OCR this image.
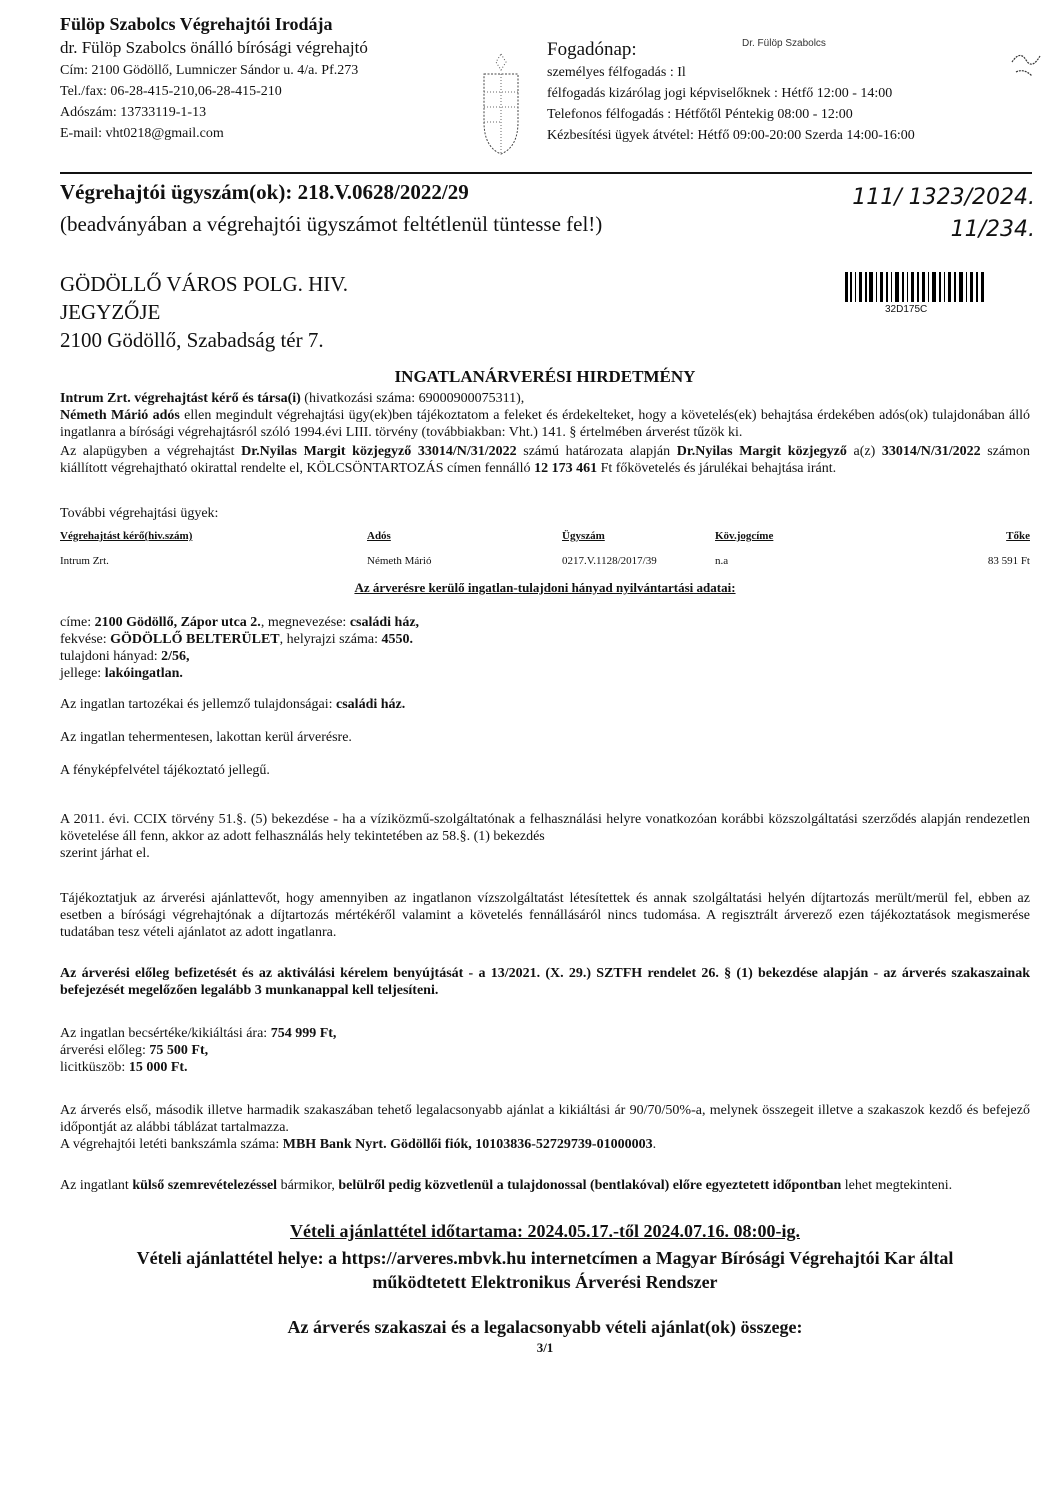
Fülöp Szabolcs Végrehajtói Irodája
dr. Fülöp Szabolcs önálló bírósági végrehajtó
Cím: 2100 Gödöllő, Lumniczer Sándor u. 4/a. Pf.273
Tel./fax: 06-28-415-210,06-28-415-210
Adószám: 13733119-1-13
E-mail: vht0218@gmail.com
Dr. Fülöp Szabolcs
Fogadónap:
személyes félfogadás : Il
félfogadás kizárólag jogi képviselőknek : Hétfő 12:00 - 14:00
Telefonos félfogadás : Hétfőtől Péntekig 08:00 - 12:00
Kézbesítési ügyek átvétel: Hétfő 09:00-20:00 Szerda 14:00-16:00
Végrehajtói ügyszám(ok): 218.V.0628/2022/29
(beadványában a végrehajtói ügyszámot feltétlenül tüntesse fel!)
GÖDÖLLŐ VÁROS POLG. HIV.
JEGYZŐJE
2100 Gödöllő, Szabadság tér 7.
111/ 1323/2024.
11/234.
32D175C
INGATLANÁRVERÉSI HIRDETMÉNY
Intrum Zrt. végrehajtást kérő és társa(i) (hivatkozási száma: 69000900075311),
Németh Márió adós ellen megindult végrehajtási ügy(ek)ben tájékoztatom a feleket és érdekelteket, hogy a követelés(ek) behajtása érdekében adós(ok) tulajdonában álló ingatlanra a bírósági végrehajtásról szóló 1994.évi LIII. törvény (továbbiakban: Vht.) 141. § értelmében árverést tűzök ki.
Az alapügyben a végrehajtást Dr.Nyilas Margit közjegyző 33014/N/31/2022 számú határozata alapján Dr.Nyilas Margit közjegyző a(z) 33014/N/31/2022 számon kiállított végrehajtható okirattal rendelte el, KÖLCSÖNTARTOZÁS címen fennálló 12 173 461 Ft főkövetelés és járulékai behajtása iránt.
További végrehajtási ügyek:
Végrehajtást kérő(hiv.szám)	Adós	Ügyszám	Köv.jogcíme	Tőke
Intrum Zrt.	Németh Márió	0217.V.1128/2017/39	n.a	83 591 Ft
Az árverésre kerülő ingatlan-tulajdoni hányad nyilvántartási adatai:
címe: 2100 Gödöllő, Zápor utca 2., megnevezése: családi ház,
fekvése: GÖDÖLLŐ BELTERÜLET, helyrajzi száma: 4550.
tulajdoni hányad: 2/56,
jellege: lakóingatlan.
Az ingatlan tartozékai és jellemző tulajdonságai: családi ház.
Az ingatlan tehermentesen, lakottan kerül árverésre.
A fényképfelvétel tájékoztató jellegű.
A 2011. évi. CCIX törvény 51.§. (5) bekezdése - ha a víziközmű-szolgáltatónak a felhasználási helyre vonatkozóan korábbi közszolgáltatási szerződés alapján rendezetlen követelése áll fenn, akkor az adott felhasználás hely tekintetében az 58.§. (1) bekezdés
szerint járhat el.
Tájékoztatjuk az árverési ajánlattevőt, hogy amennyiben az ingatlanon vízszolgáltatást létesítettek és annak szolgáltatási helyén díjtartozás merült/merül fel, ebben az esetben a bírósági végrehajtónak a díjtartozás mértékéről valamint a követelés fennállásáról nincs tudomása. A regisztrált árverező ezen tájékoztatások megismerése tudatában tesz vételi ajánlatot az adott ingatlanra.
Az árverési előleg befizetését és az aktiválási kérelem benyújtását - a 13/2021. (X. 29.) SZTFH rendelet 26. § (1) bekezdése alapján - az árverés szakaszainak befejezését megelőzően legalább 3 munkanappal kell teljesíteni.
Az ingatlan becsértéke/kikiáltási ára: 754 999 Ft,
árverési előleg: 75 500 Ft,
licitküszöb: 15 000 Ft.
Az árverés első, második illetve harmadik szakaszában tehető legalacsonyabb ajánlat a kikiáltási ár 90/70/50%-a, melynek összegeit illetve a szakaszok kezdő és befejező időpontját az alábbi táblázat tartalmazza.
A végrehajtói letéti bankszámla száma: MBH Bank Nyrt. Gödöllői fiók, 10103836-52729739-01000003.
Az ingatlant külső szemrevételezéssel bármikor, belülről pedig közvetlenül a tulajdonossal (bentlakóval) előre egyeztetett időpontban lehet megtekinteni.
Vételi ajánlattétel időtartama: 2024.05.17.-től 2024.07.16. 08:00-ig.
Vételi ajánlattétel helye: a https://arveres.mbvk.hu internetcímen a Magyar Bírósági Végrehajtói Kar által működtetett Elektronikus Árverési Rendszer
Az árverés szakaszai és a legalacsonyabb vételi ajánlat(ok) összege:
3/1
